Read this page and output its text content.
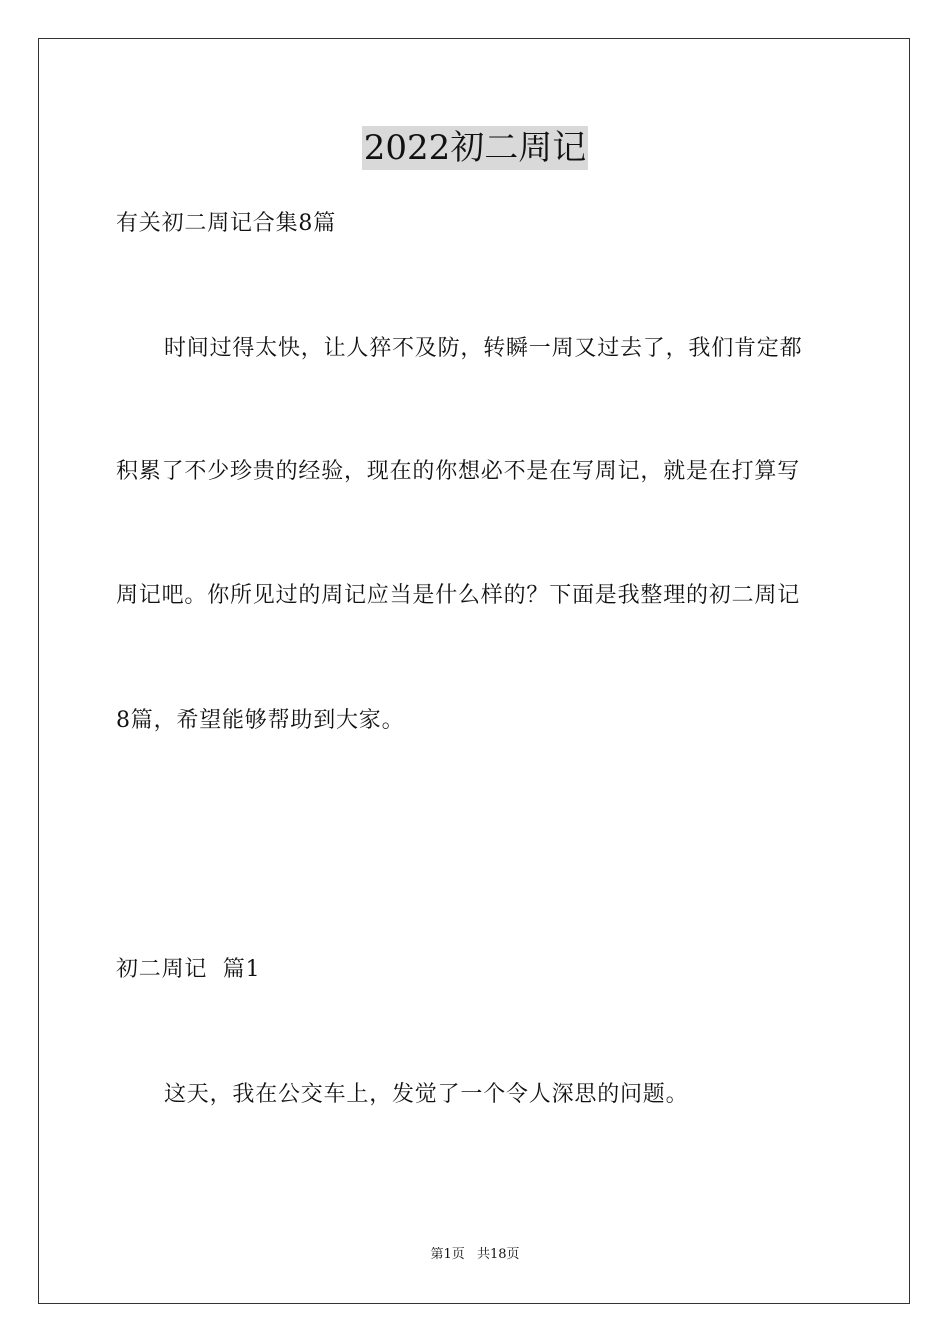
2022初二周记
有关初二周记合集8篇
时间过得太快，让人猝不及防，转瞬一周又过去了，我们肯定都
积累了不少珍贵的经验，现在的你想必不是在写周记，就是在打算写
周记吧。你所见过的周记应当是什么样的？下面是我整理的初二周记
8篇，希望能够帮助到大家。
初二周记  篇1
这天，我在公交车上，发觉了一个令人深思的问题。
第1页 共18页
